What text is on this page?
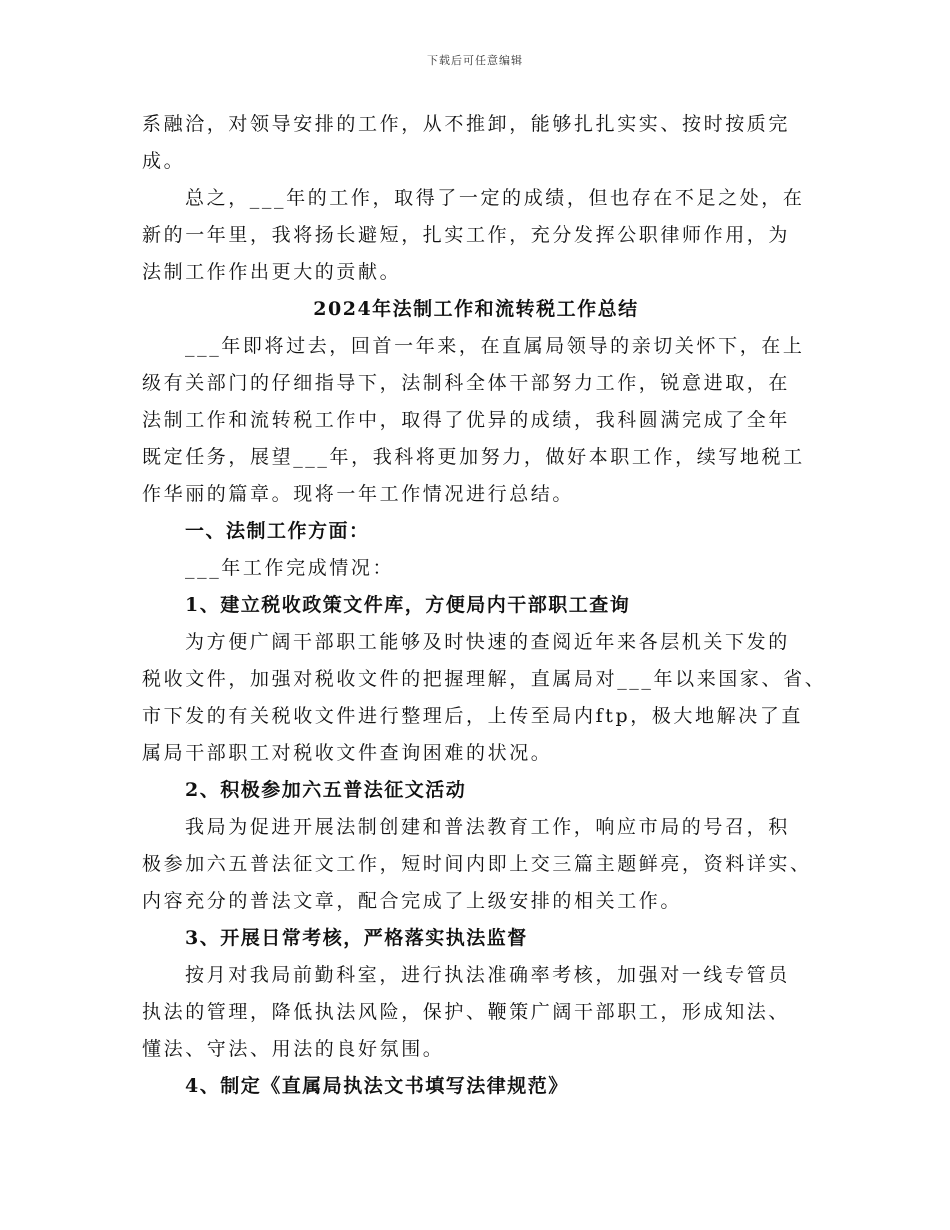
下载后可任意编辑

系融洽，对领导安排的工作，从不推卸，能够扎扎实实、按时按质完
成。

总之，___年的工作，取得了一定的成绩，但也存在不足之处，在
新的一年里，我将扬长避短，扎实工作，充分发挥公职律师作用，为
法制工作作出更大的贡献。

2024年法制工作和流转税工作总结

___年即将过去，回首一年来，在直属局领导的亲切关怀下，在上
级有关部门的仔细指导下，法制科全体干部努力工作，锐意进取，在
法制工作和流转税工作中，取得了优异的成绩，我科圆满完成了全年
既定任务，展望___年，我科将更加努力，做好本职工作，续写地税工
作华丽的篇章。现将一年工作情况进行总结。

一、法制工作方面：

___年工作完成情况：

1、建立税收政策文件库，方便局内干部职工查询

为方便广阔干部职工能够及时快速的查阅近年来各层机关下发的
税收文件，加强对税收文件的把握理解，直属局对___年以来国家、省、
市下发的有关税收文件进行整理后，上传至局内ftp，极大地解决了直
属局干部职工对税收文件查询困难的状况。

2、积极参加六五普法征文活动

我局为促进开展法制创建和普法教育工作，响应市局的号召，积
极参加六五普法征文工作，短时间内即上交三篇主题鲜亮，资料详实、
内容充分的普法文章，配合完成了上级安排的相关工作。

3、开展日常考核，严格落实执法监督

按月对我局前勤科室，进行执法准确率考核，加强对一线专管员
执法的管理，降低执法风险，保护、鞭策广阔干部职工，形成知法、
懂法、守法、用法的良好氛围。

4、制定《直属局执法文书填写法律规范》
